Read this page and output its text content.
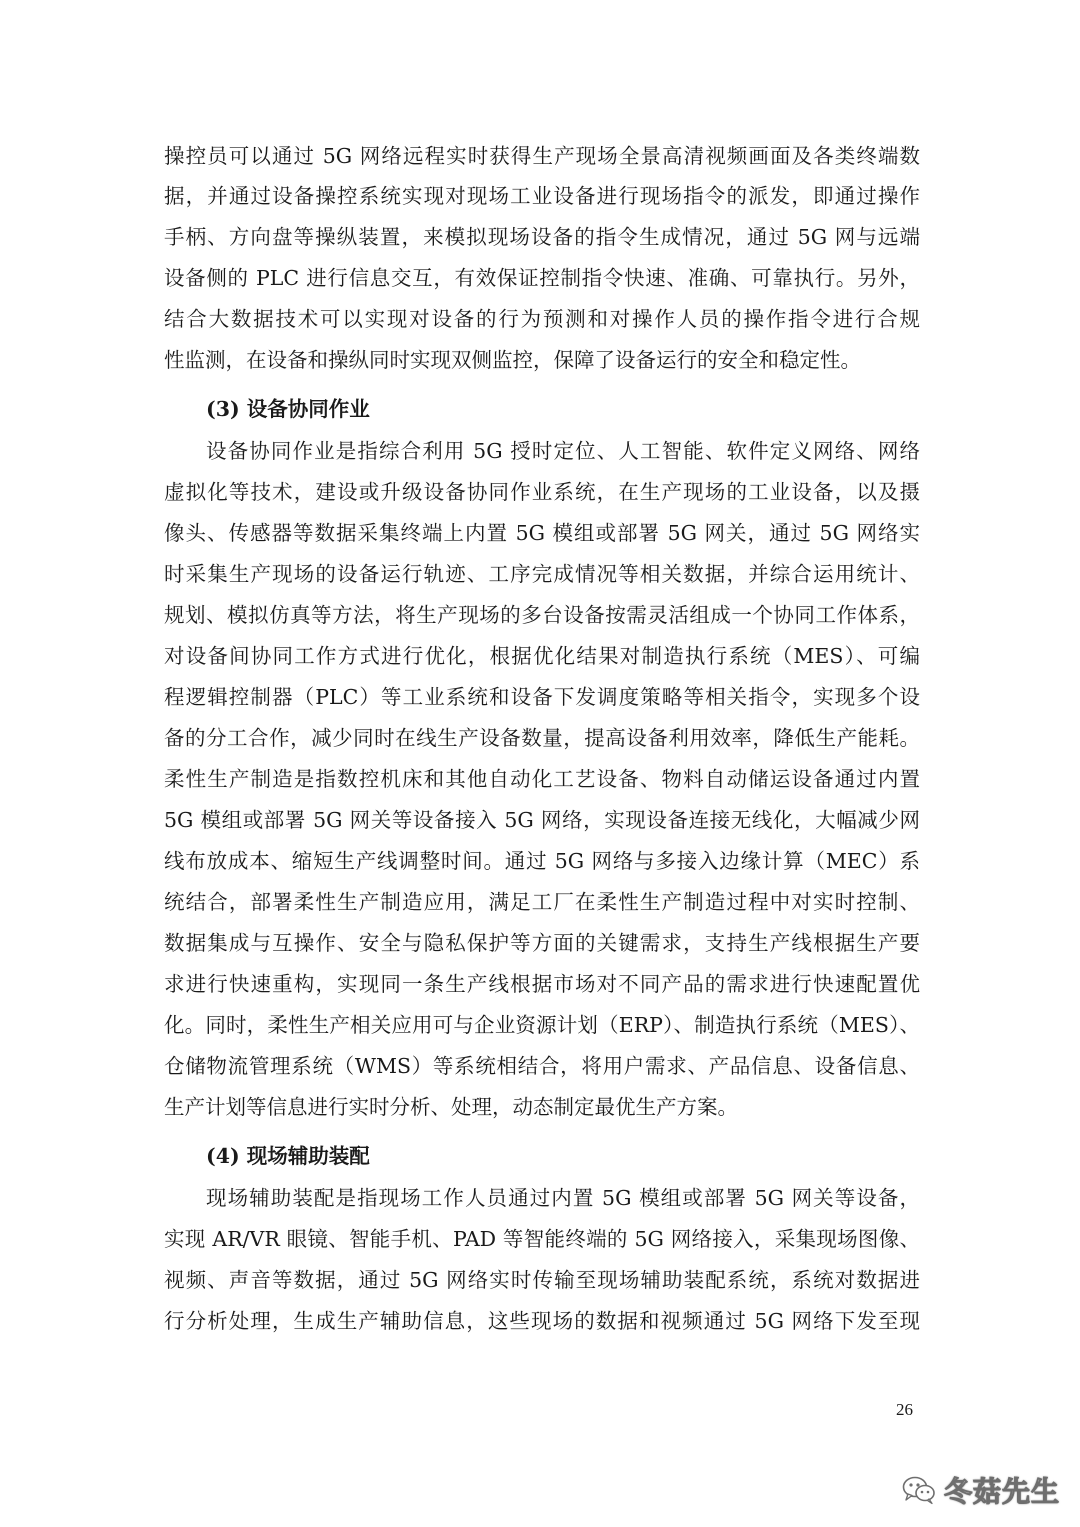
操控员可以通过 5G 网络远程实时获得生产现场全景高清视频画面及各类终端数
据，并通过设备操控系统实现对现场工业设备进行现场指令的派发，即通过操作
手柄、方向盘等操纵装置，来模拟现场设备的指令生成情况，通过 5G 网与远端
设备侧的 PLC 进行信息交互，有效保证控制指令快速、准确、可靠执行。另外，
结合大数据技术可以实现对设备的行为预测和对操作人员的操作指令进行合规
性监测，在设备和操纵同时实现双侧监控，保障了设备运行的安全和稳定性。
(3) 设备协同作业
设备协同作业是指综合利用 5G 授时定位、人工智能、软件定义网络、网络
虚拟化等技术，建设或升级设备协同作业系统，在生产现场的工业设备，以及摄
像头、传感器等数据采集终端上内置 5G 模组或部署 5G 网关，通过 5G 网络实
时采集生产现场的设备运行轨迹、工序完成情况等相关数据，并综合运用统计、
规划、模拟仿真等方法，将生产现场的多台设备按需灵活组成一个协同工作体系，
对设备间协同工作方式进行优化，根据优化结果对制造执行系统（MES）、可编
程逻辑控制器（PLC）等工业系统和设备下发调度策略等相关指令，实现多个设
备的分工合作，减少同时在线生产设备数量，提高设备利用效率，降低生产能耗。
柔性生产制造是指数控机床和其他自动化工艺设备、物料自动储运设备通过内置
5G 模组或部署 5G 网关等设备接入 5G 网络，实现设备连接无线化，大幅减少网
线布放成本、缩短生产线调整时间。通过 5G 网络与多接入边缘计算（MEC）系
统结合，部署柔性生产制造应用，满足工厂在柔性生产制造过程中对实时控制、
数据集成与互操作、安全与隐私保护等方面的关键需求，支持生产线根据生产要
求进行快速重构，实现同一条生产线根据市场对不同产品的需求进行快速配置优
化。同时，柔性生产相关应用可与企业资源计划（ERP）、制造执行系统（MES）、
仓储物流管理系统（WMS）等系统相结合，将用户需求、产品信息、设备信息、
生产计划等信息进行实时分析、处理，动态制定最优生产方案。
(4) 现场辅助装配
现场辅助装配是指现场工作人员通过内置 5G 模组或部署 5G 网关等设备，
实现 AR/VR 眼镜、智能手机、PAD 等智能终端的 5G 网络接入，采集现场图像、
视频、声音等数据，通过 5G 网络实时传输至现场辅助装配系统，系统对数据进
行分析处理，生成生产辅助信息，这些现场的数据和视频通过 5G 网络下发至现
26
冬菇先生
